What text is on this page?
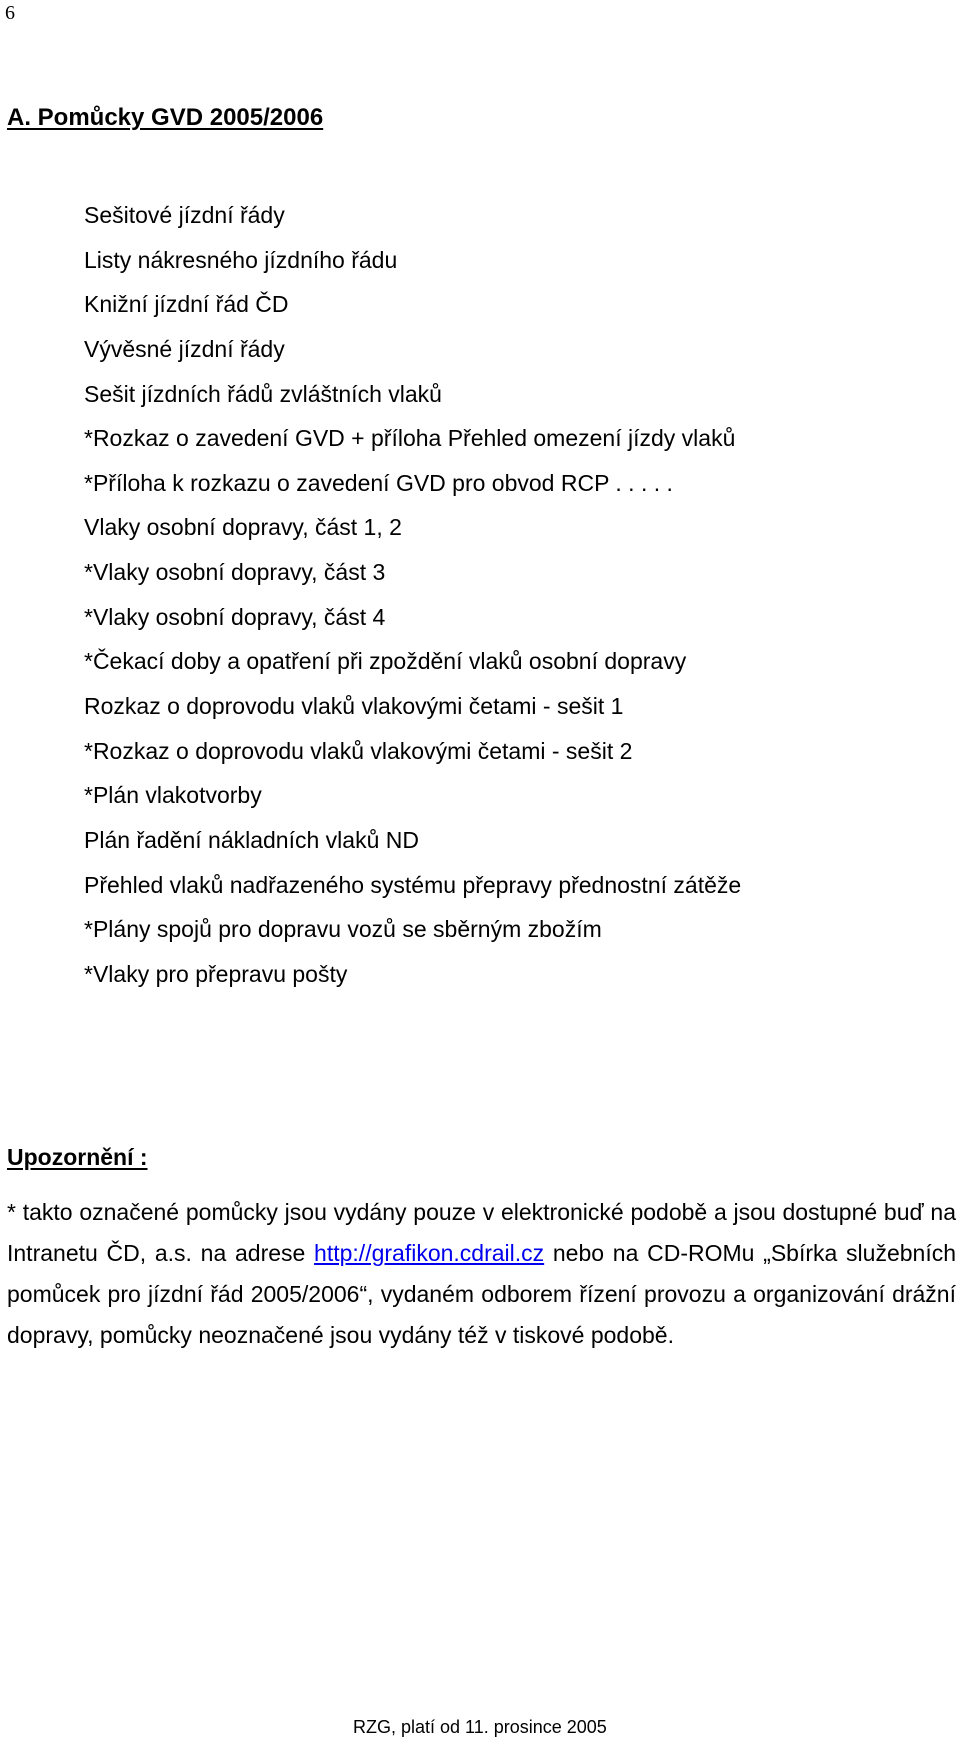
6
A. Pomůcky GVD 2005/2006
Sešitové jízdní řády
Listy nákresného jízdního řádu
Knižní jízdní řád ČD
Vývěsné jízdní řády
Sešit jízdních řádů zvláštních vlaků
*Rozkaz o zavedení GVD + příloha Přehled omezení jízdy vlaků
*Příloha k rozkazu o zavedení GVD pro obvod RCP . . . . .
Vlaky osobní dopravy, část 1, 2
*Vlaky osobní dopravy, část 3
*Vlaky osobní dopravy, část 4
*Čekací doby a opatření při zpoždění vlaků osobní dopravy
Rozkaz o doprovodu vlaků vlakovými četami - sešit 1
*Rozkaz o doprovodu vlaků vlakovými četami - sešit 2
*Plán vlakotvorby
Plán řadění nákladních vlaků ND
Přehled vlaků nadřazeného systému přepravy přednostní zátěže
*Plány spojů pro dopravu vozů se sběrným zbožím
*Vlaky pro přepravu pošty
Upozornění :

* takto označené pomůcky jsou vydány pouze v elektronické podobě a jsou dostupné buď na Intranetu ČD, a.s. na adrese http://grafikon.cdrail.cz nebo na CD-ROMu „Sbírka služebních pomůcek pro jízdní řád 2005/2006“, vydaném odborem řízení provozu a organizování drážní dopravy, pomůcky neoznačené jsou vydány též v tiskové podobě.

RZG, platí od 11. prosince 2005
